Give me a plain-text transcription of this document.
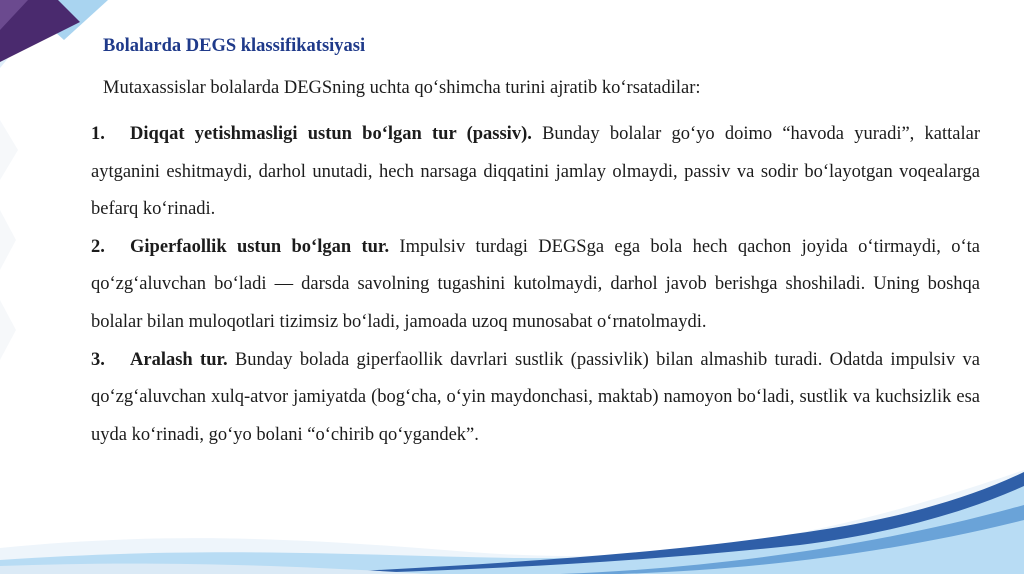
Bolalarda DEGS klassifikatsiyasi
Mutaxassislar bolalarda DEGSning uchta qo‘shimcha turini ajratib ko‘rsatadilar:

1. Diqqat yetishmasligi ustun bo‘lgan tur (passiv). Bunday bolalar go‘yo doimo “havoda yuradi”, kattalar aytganini eshitmaydi, darhol unutadi, hech narsaga diqqatini jamlay olmaydi, passiv va sodir bo‘layotgan voqealarga befarq ko‘rinadi.

2. Giperfaollik ustun bo‘lgan tur. Impulsiv turdagi DEGSga ega bola hech qachon joyida o‘tirmaydi, o‘ta qo‘zg‘aluvchan bo‘ladi — darsda savolning tugashini kutolmaydi, darhol javob berishga shoshiladi. Uning boshqa bolalar bilan muloqotlari tizimsiz bo‘ladi, jamoada uzoq munosabat o‘rnatolmaydi.

3. Aralash tur. Bunday bolada giperfaollik davrlari sustlik (passivlik) bilan almashib turadi. Odatda impulsiv va qo‘zg‘aluvchan xulq-atvor jamiyatda (bog‘cha, o‘yin maydonchasi, maktab) namoyon bo‘ladi, sustlik va kuchsizlik esa uyda ko‘rinadi, go‘yo bolani “o‘chirib qo‘ygandek”.
